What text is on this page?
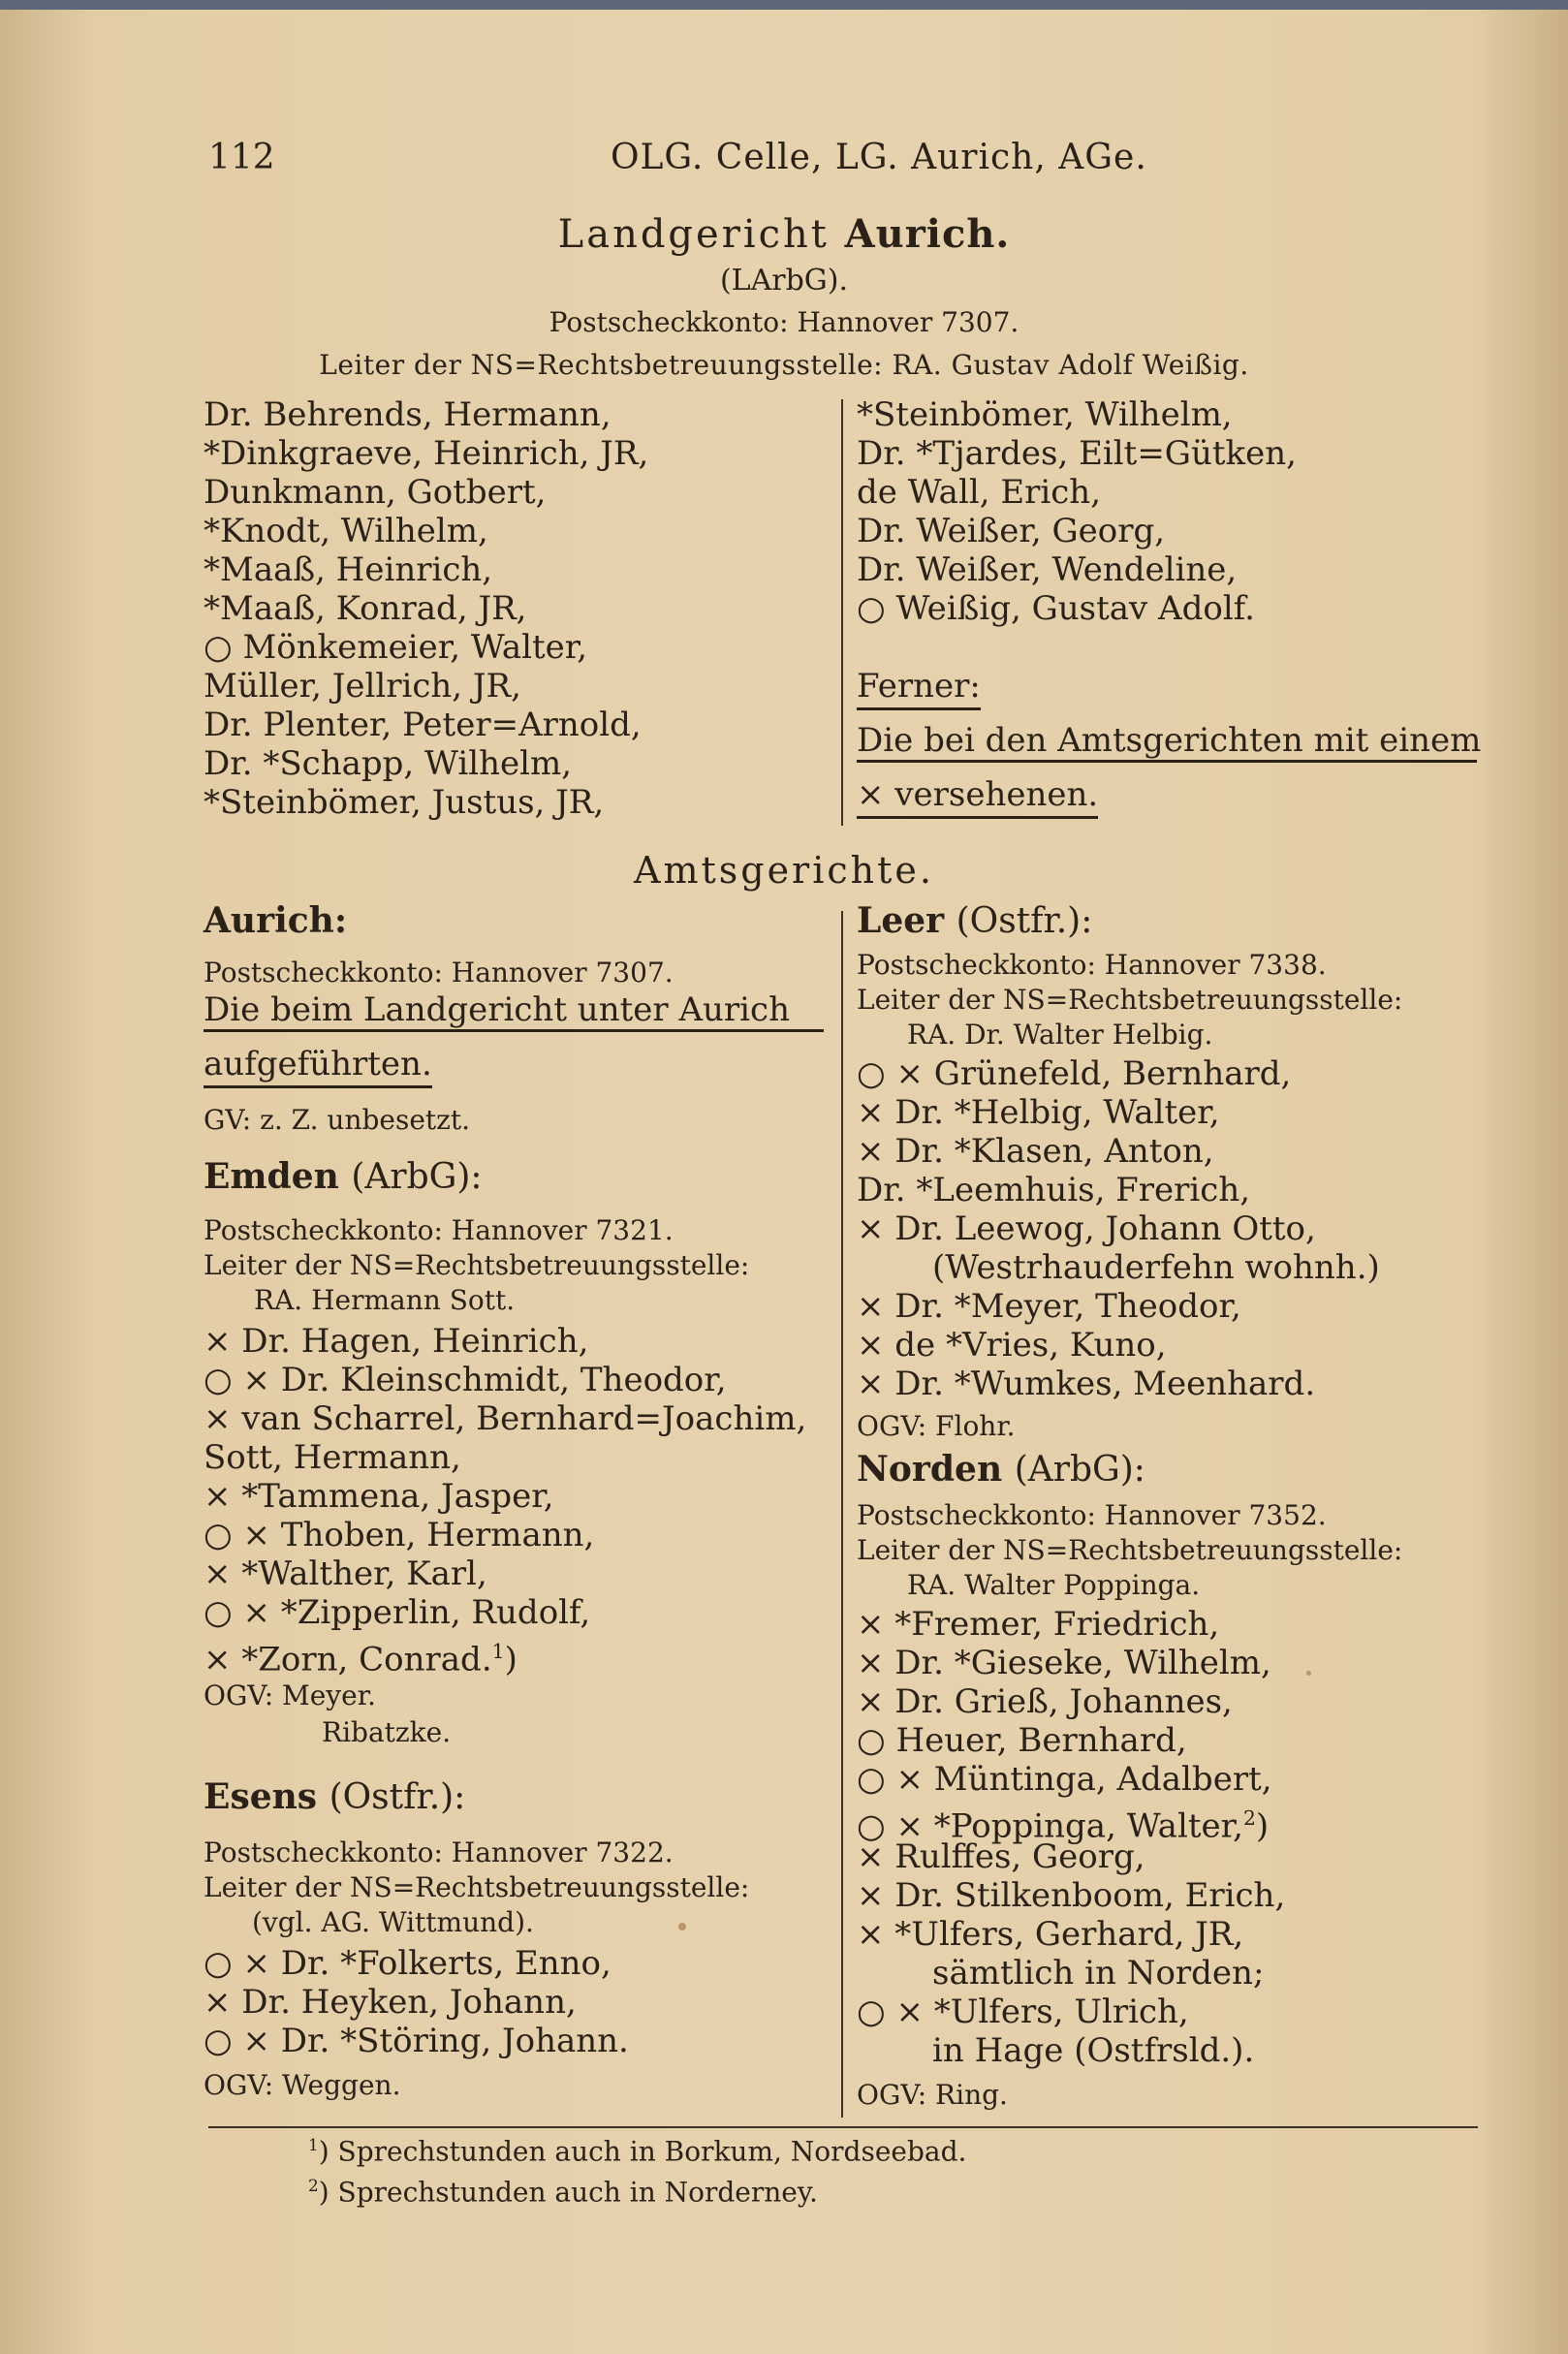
112	OLG. Celle, LG. Aurich, AGe.
Landgericht Aurich.
(LArbG).
Postscheckkonto: Hannover 7307.
Leiter der NS=Rechtsbetreuungsstelle: RA. Gustav Adolf Weißig.
Dr. Behrends, Hermann,
*Dinkgraeve, Heinrich, JR,
Dunkmann, Gotbert,
*Knodt, Wilhelm,
*Maaß, Heinrich,
*Maaß, Konrad, JR,
○ Mönkemeier, Walter,
Müller, Jellrich, JR,
Dr. Plenter, Peter=Arnold,
Dr. *Schapp, Wilhelm,
*Steinbömer, Justus, JR,
*Steinbömer, Wilhelm,
Dr. *Tjardes, Eilt=Gütken,
de Wall, Erich,
Dr. Weißer, Georg,
Dr. Weißer, Wendeline,
○ Weißig, Gustav Adolf.
Ferner:
Die bei den Amtsgerichten mit einem
× versehenen.
Amtsgerichte.
Aurich:
Postscheckkonto: Hannover 7307.
Die beim Landgericht unter Aurich
aufgeführten.
GV: z. Z. unbesetzt.
Emden (ArbG):
Postscheckkonto: Hannover 7321.
Leiter der NS=Rechtsbetreuungsstelle:
RA. Hermann Sott.
× Dr. Hagen, Heinrich,
○ × Dr. Kleinschmidt, Theodor,
× van Scharrel, Bernhard=Joachim,
Sott, Hermann,
× *Tammena, Jasper,
○ × Thoben, Hermann,
× *Walther, Karl,
○ × *Zipperlin, Rudolf,
× *Zorn, Conrad.$^1$)
OGV: Meyer.
Ribatzke.
Esens (Ostfr.):
Postscheckkonto: Hannover 7322.
Leiter der NS=Rechtsbetreuungsstelle:
(vgl. AG. Wittmund).
○ × Dr. *Folkerts, Enno,
× Dr. Heyken, Johann,
○ × Dr. *Störing, Johann.
OGV: Weggen.
Leer (Ostfr.):
Postscheckkonto: Hannover 7338.
Leiter der NS=Rechtsbetreuungsstelle:
RA. Dr. Walter Helbig.
○ × Grünefeld, Bernhard,
× Dr. *Helbig, Walter,
× Dr. *Klasen, Anton,
Dr. *Leemhuis, Frerich,
× Dr. Leewog, Johann Otto,
(Westrhauderfehn wohnh.)
× Dr. *Meyer, Theodor,
× de *Vries, Kuno,
× Dr. *Wumkes, Meenhard.
OGV: Flohr.
Norden (ArbG):
Postscheckkonto: Hannover 7352.
Leiter der NS=Rechtsbetreuungsstelle:
RA. Walter Poppinga.
× *Fremer, Friedrich,
× Dr. *Gieseke, Wilhelm,
× Dr. Grieß, Johannes,
○ Heuer, Bernhard,
○ × Müntinga, Adalbert,
○ × *Poppinga, Walter,$^2$)
× Rulffes, Georg,
× Dr. Stilkenboom, Erich,
× *Ulfers, Gerhard, JR,
sämtlich in Norden;
○ × *Ulfers, Ulrich,
in Hage (Ostfrsld.).
OGV: Ring.
$^1$) Sprechstunden auch in Borkum, Nordseebad.
$^2$) Sprechstunden auch in Norderney.
